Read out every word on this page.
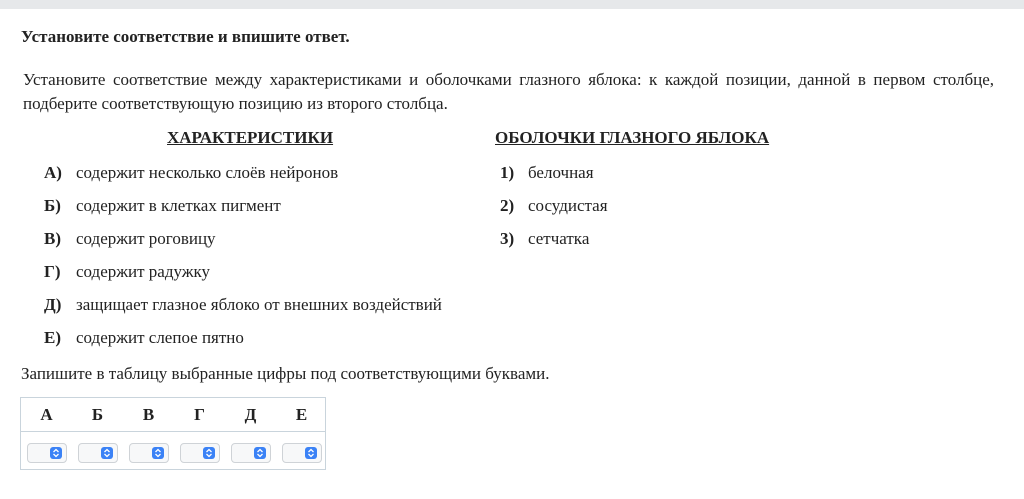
Установите соответствие и впишите ответ.
Установите соответствие между характеристиками и оболочками глазного яблока: к каждой позиции, данной в первом столбце, подберите соответствующую позицию из второго столбца.
ХАРАКТЕРИСТИКИ	ОБОЛОЧКИ ГЛАЗНОГО ЯБЛОКА
А) содержит несколько слоёв нейронов
Б) содержит в клетках пигмент
В) содержит роговицу
Г) содержит радужку
Д) защищает глазное яблоко от внешних воздействий
Е) содержит слепое пятно
1) белочная
2) сосудистая
3) сетчатка
Запишите в таблицу выбранные цифры под соответствующими буквами.
А	Б	В	Г	Д	Е
